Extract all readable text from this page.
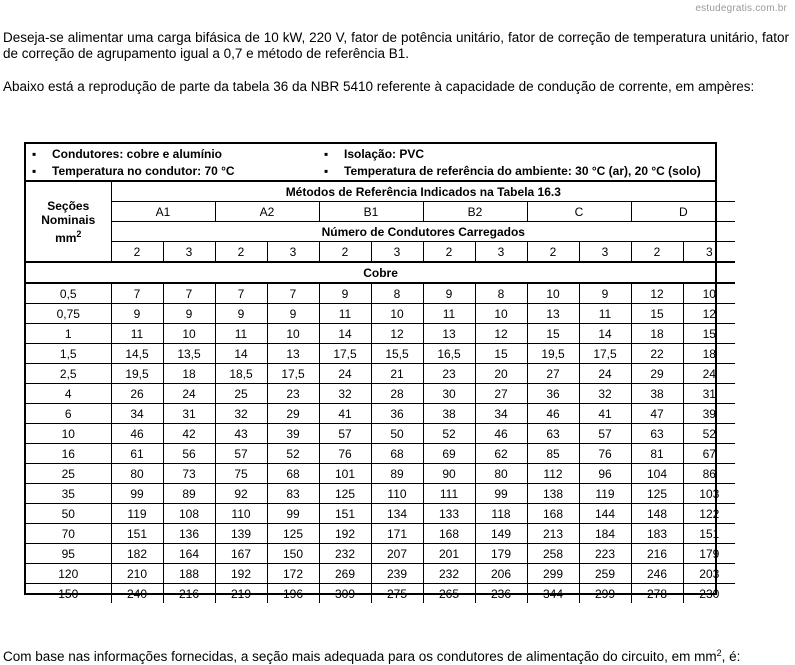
estudegratis.com.br
Deseja-se alimentar uma carga bifásica de 10 kW, 220 V, fator de potência unitário, fator de correção de temperatura unitário, fator de correção de agrupamento igual a 0,7 e método de referência B1.
Abaixo está a reprodução de parte da tabela 36 da NBR 5410 referente à capacidade de condução de corrente, em ampères:
▪ Condutores: cobre e alumínio	▪ Isolação: PVC
▪ Temperatura no condutor: 70 °C	▪ Temperatura de referência do ambiente: 30 °C (ar), 20 °C (solo)
Seções
Nominais
$mm^2$	Métodos de Referência Indicados na Tabela 16.3											
	A1		A2		B1		B2		C		D	
	Número de Condutores Carregados											
	2	3	2	3	2	3	2	3	2	3	2	3
Cobre												
0,5	7	7	7	7	9	8	9	8	10	9	12	10
0,75	9	9	9	9	11	10	11	10	13	11	15	12
1	11	10	11	10	14	12	13	12	15	14	18	15
1,5	14,5	13,5	14	13	17,5	15,5	16,5	15	19,5	17,5	22	18
2,5	19,5	18	18,5	17,5	24	21	23	20	27	24	29	24
4	26	24	25	23	32	28	30	27	36	32	38	31
6	34	31	32	29	41	36	38	34	46	41	47	39
10	46	42	43	39	57	50	52	46	63	57	63	52
16	61	56	57	52	76	68	69	62	85	76	81	67
25	80	73	75	68	101	89	90	80	112	96	104	86
35	99	89	92	83	125	110	111	99	138	119	125	103
50	119	108	110	99	151	134	133	118	168	144	148	122
70	151	136	139	125	192	171	168	149	213	184	183	151
95	182	164	167	150	232	207	201	179	258	223	216	179
120	210	188	192	172	269	239	232	206	299	259	246	203
150	240	216	219	196	309	275	265	236	344	299	278	230
Com base nas informações fornecidas, a seção mais adequada para os condutores de alimentação do circuito, em $mm^2$, é:
